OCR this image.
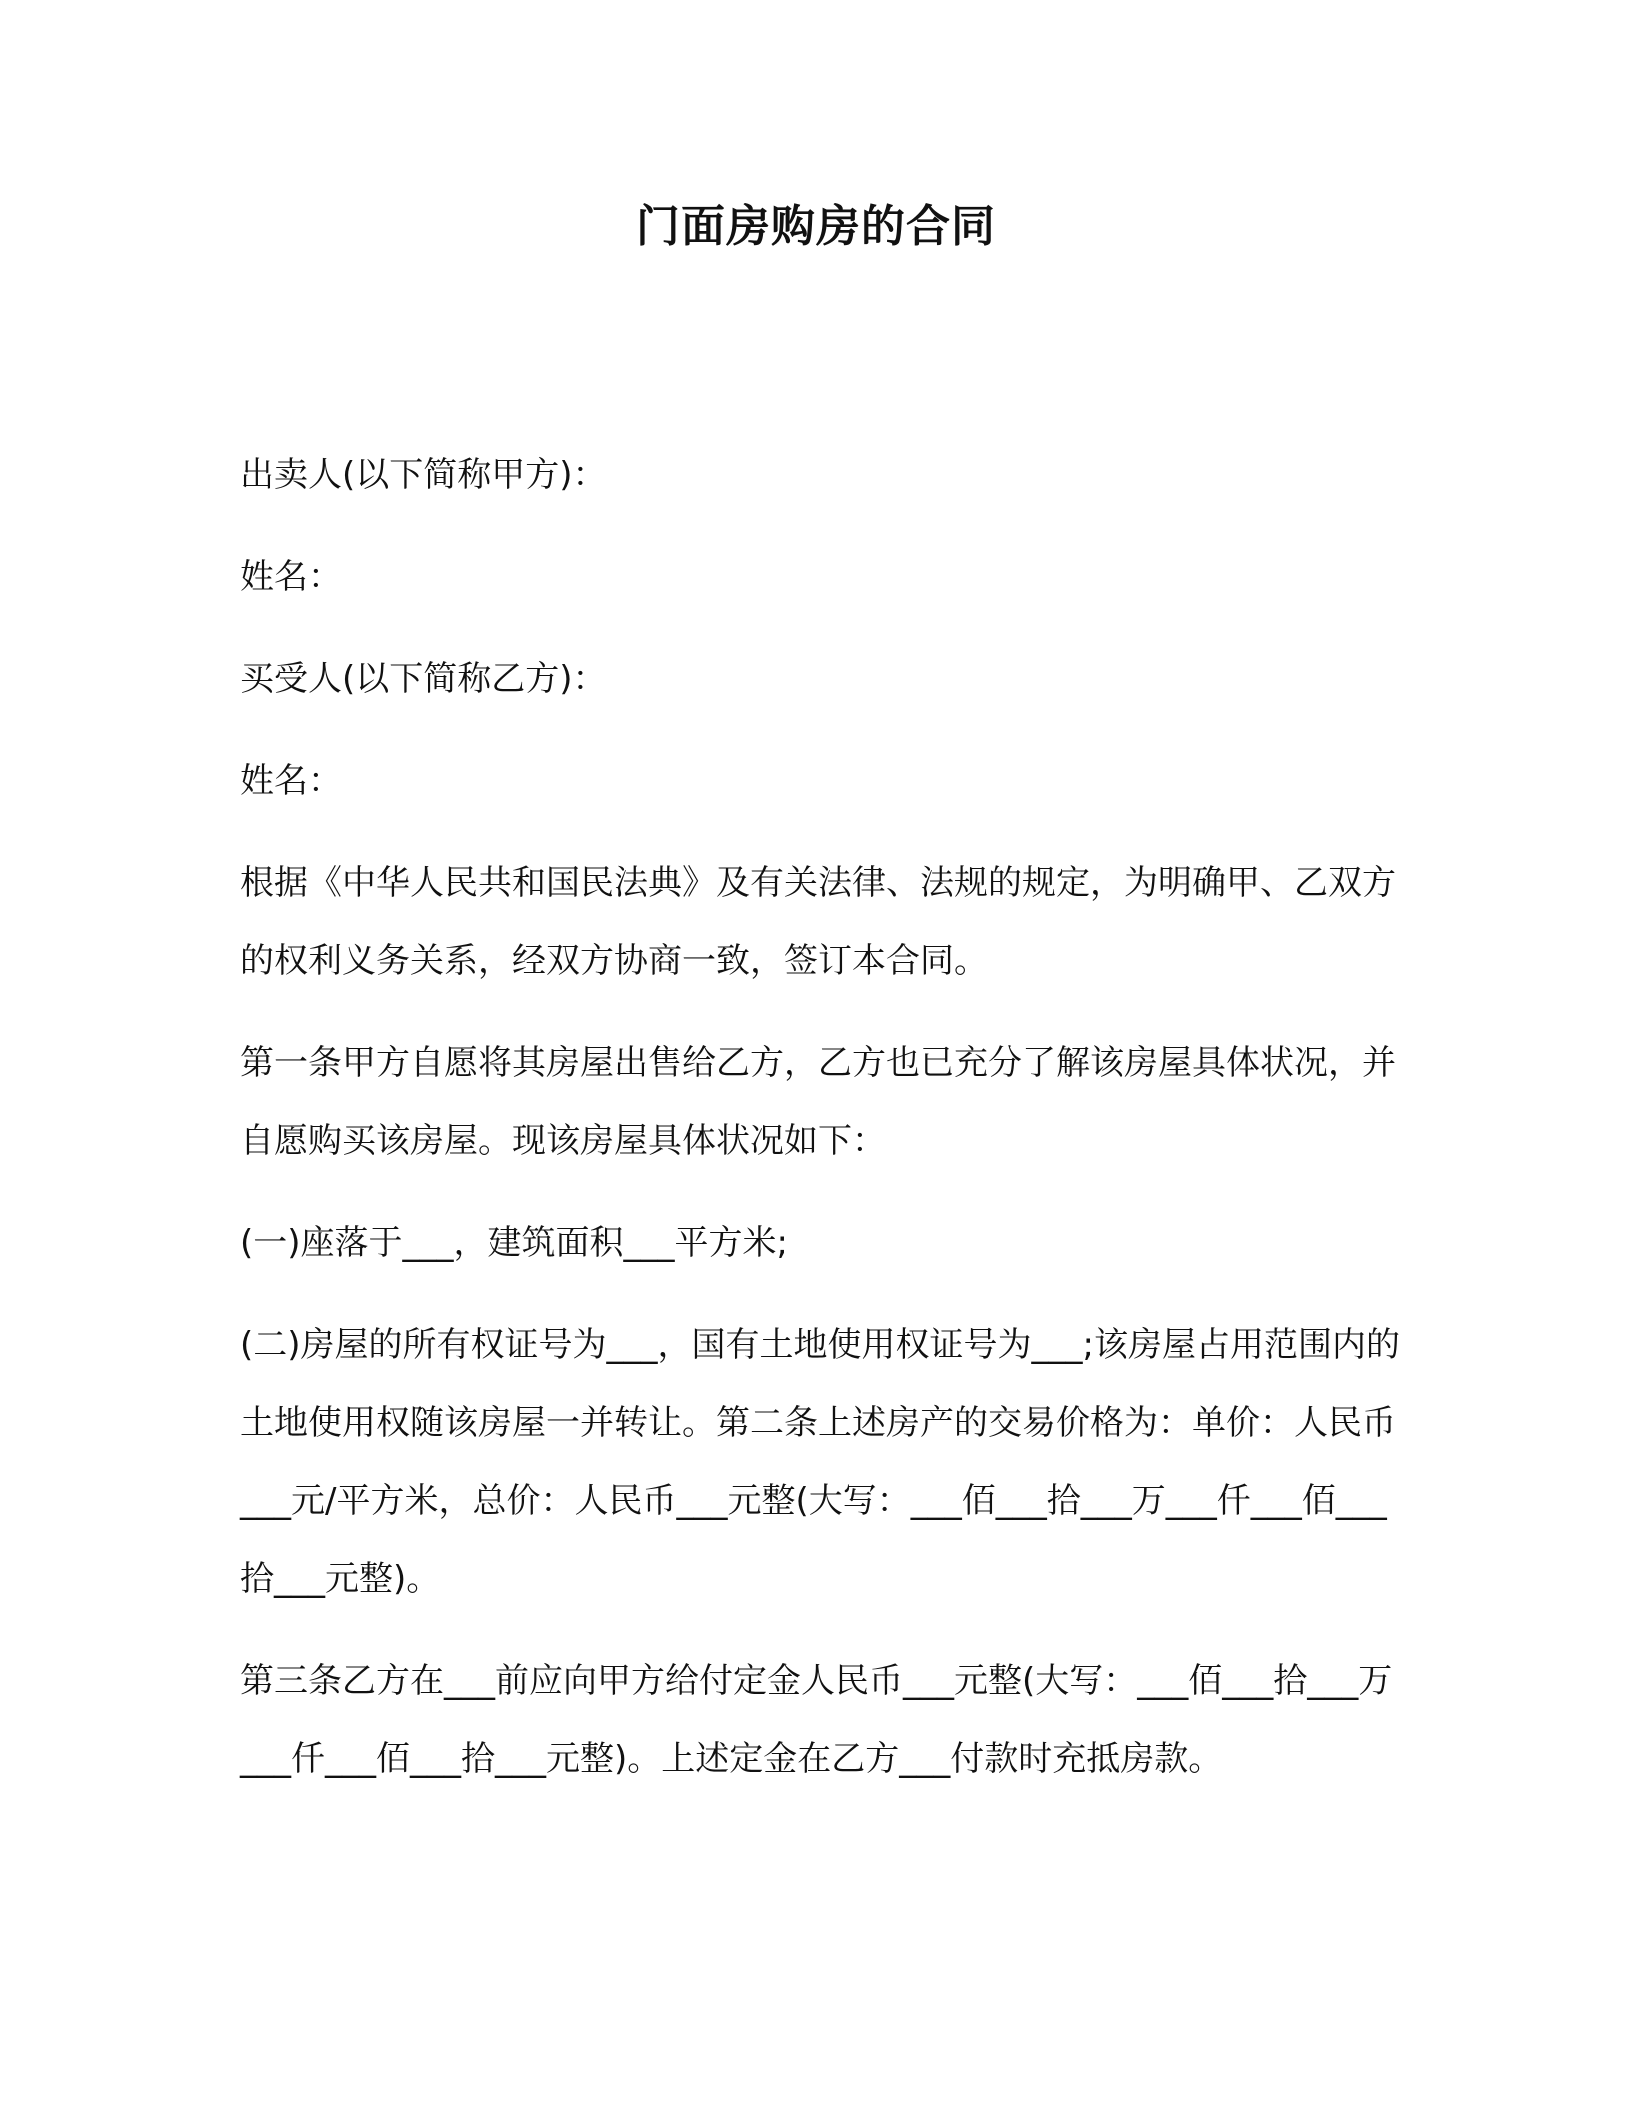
门面房购房的合同

出卖人(以下简称甲方)：

姓名：

买受人(以下简称乙方)：

姓名：

根据《中华人民共和国民法典》及有关法律、法规的规定，为明确甲、乙双方的权利义务关系，经双方协商一致，签订本合同。

第一条甲方自愿将其房屋出售给乙方，乙方也已充分了解该房屋具体状况，并自愿购买该房屋。现该房屋具体状况如下：

(一)座落于___，建筑面积___平方米;

(二)房屋的所有权证号为___，国有土地使用权证号为___;该房屋占用范围内的土地使用权随该房屋一并转让。第二条上述房产的交易价格为：单价：人民币___元/平方米，总价：人民币___元整(大写：___佰___拾___万___仟___佰___拾___元整)。

第三条乙方在___前应向甲方给付定金人民币___元整(大写：___佰___拾___万___仟___佰___拾___元整)。上述定金在乙方___付款时充抵房款。
